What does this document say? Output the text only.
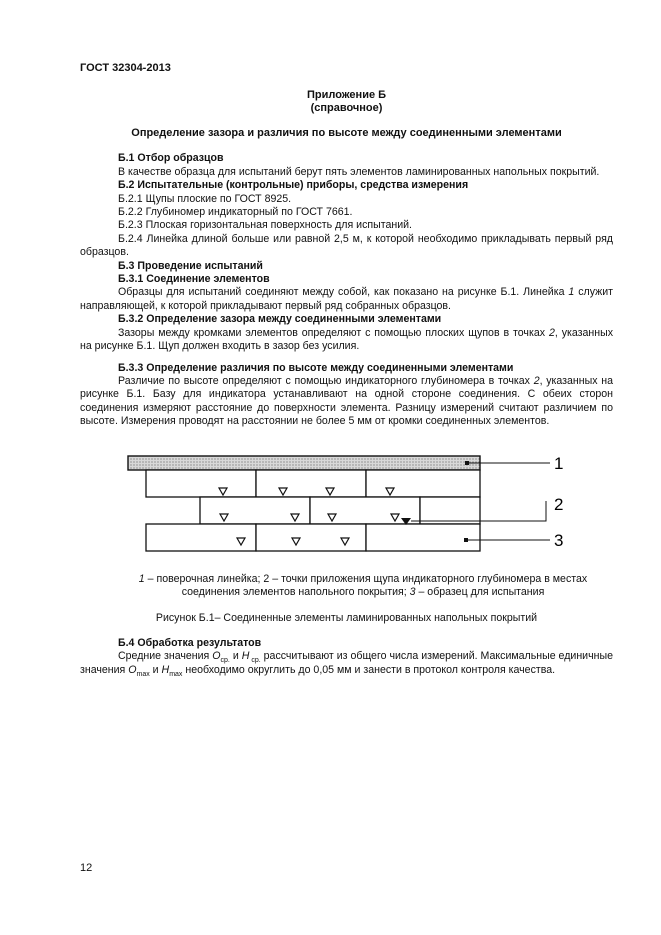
ГОСТ 32304-2013
Приложение Б
(справочное)
Определение зазора и различия по высоте между соединенными элементами
Б.1 Отбор образцов
В качестве образца для испытаний берут пять элементов ламинированных напольных покрытий.
Б.2 Испытательные (контрольные) приборы, средства измерения
Б.2.1 Щупы плоские по ГОСТ 8925.
Б.2.2 Глубиномер индикаторный по ГОСТ 7661.
Б.2.3 Плоская горизонтальная поверхность для испытаний.
Б.2.4 Линейка длиной больше или равной 2,5 м, к которой необходимо прикладывать первый ряд образцов.
Б.3 Проведение испытаний
Б.3.1 Соединение элементов
Образцы для испытаний соединяют между собой, как показано на рисунке Б.1. Линейка 1 служит направляющей, к которой прикладывают первый ряд собранных образцов.
Б.3.2 Определение зазора между соединенными элементами
Зазоры между кромками элементов определяют с помощью плоских щупов в точках 2, указанных на рисунке Б.1. Щуп должен входить в зазор без усилия.
Б.3.3 Определение различия по высоте между соединенными элементами
Различие по высоте определяют с помощью индикаторного глубиномера в точках 2, указанных на рисунке Б.1. Базу для индикатора устанавливают на одной стороне соединения. С обеих сторон соединения измеряют расстояние до поверхности элемента. Разницу измерений считают различием по высоте. Измерения проводят на расстоянии не более 5 мм от кромки соединенных элементов.
1
2
3
1 – поверочная линейка; 2 – точки приложения щупа индикаторного глубиномера в местах соединения элементов напольного покрытия; 3 – образец для испытания
Рисунок Б.1– Соединенные элементы ламинированных напольных покрытий
Б.4 Обработка результатов
Средние значения $O_{ср.}$ и H $_{ср.}$ рассчитывают из общего числа измерений. Максимальные единичные значения $O_{max}$ и $H_{max}$ необходимо округлить до 0,05 мм и занести в протокол контроля качества.
12
